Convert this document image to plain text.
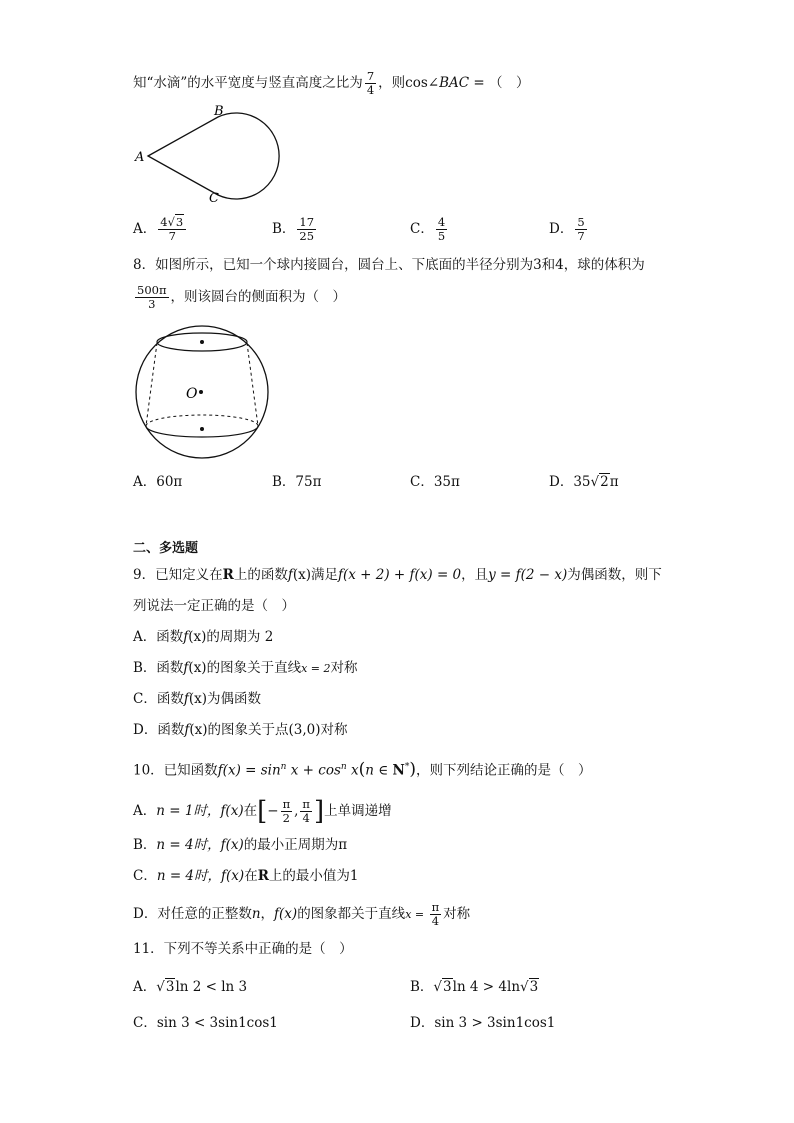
知“水滴”的水平宽度与竖直高度之比为 $\frac{7}{4}$ ，则cos∠BAC = （　）
A
B
C
A． $\frac{4√3}{7}$	B． $\frac{17}{25}$	C． $\frac{4}{5}$	D． $\frac{5}{7}$
8．如图所示，已知一个球内接圆台，圆台上、下底面的半径分别为3和4，球的体积为
$\frac{500\pi}{3}$ ，则该圆台的侧面积为（　）
O
A．60π	B．75π	C．35π	D．35√2π
二、多选题
9．已知定义在R上的函数f(x)满足f(x + 2) + f(x) = 0，且y = f(2 − x)为偶函数，则下
列说法一定正确的是（　）
A．函数f(x)的周期为 2
B．函数f(x)的图象关于直线x = 2对称
C．函数f(x)为偶函数
D．函数f(x)的图象关于点(3,0)对称
10．已知函数$f(x) = \sin^n x + \cos^n x(n$ ∈ N*)，则下列结论正确的是（　）
A．n = 1时，f(x)在[− $\frac{\pi}{2}$ , $\frac{\pi}{4}$ ]上单调递增
B．n = 4时，f(x)的最小正周期为π
C．n = 4时，f(x)在R上的最小值为1
D．对任意的正整数n，f(x)的图象都关于直线$x = \frac{\pi}{4}$ 对称
11．下列不等关系中正确的是（　）
A．√3ln 2 < ln 3	B．√3ln 4 > 4ln√3
C．sin 3 < 3sin1cos1	D．sin 3 > 3sin1cos1
